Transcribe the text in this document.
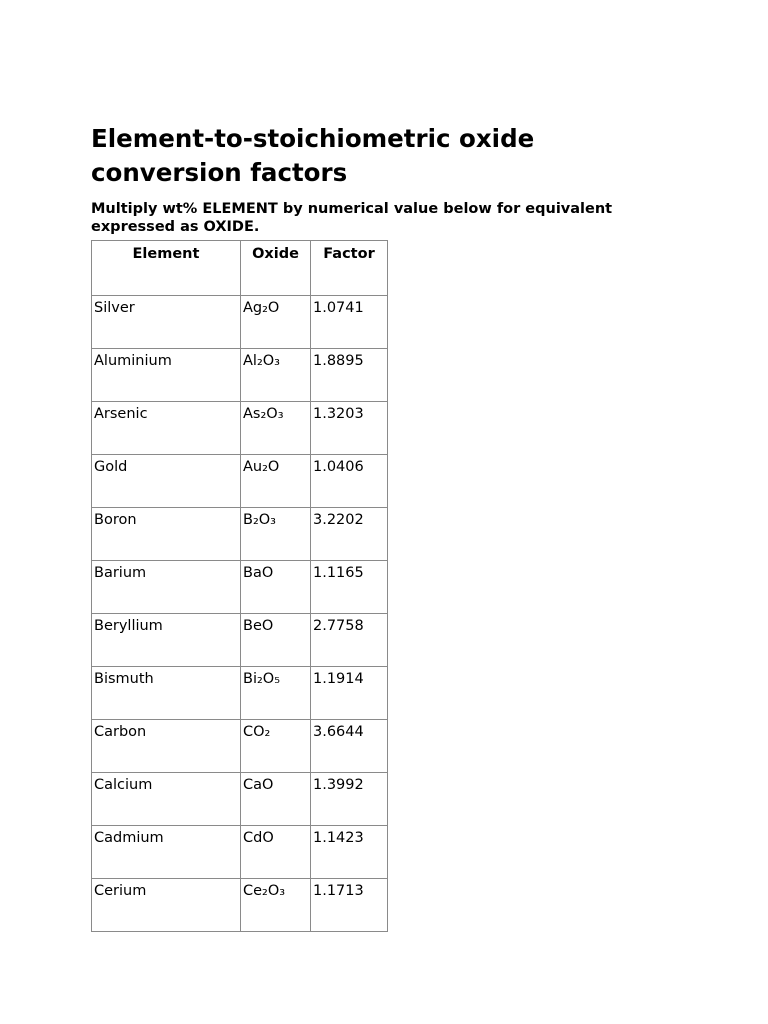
Element-to-stoichiometric oxide
conversion factors

Multiply wt% ELEMENT by numerical value below for equivalent expressed as OXIDE.

Element	Oxide	Factor
Silver	Ag₂O	1.0741
Aluminium	Al₂O₃	1.8895
Arsenic	As₂O₃	1.3203
Gold	Au₂O	1.0406
Boron	B₂O₃	3.2202
Barium	BaO	1.1165
Beryllium	BeO	2.7758
Bismuth	Bi₂O₅	1.1914
Carbon	CO₂	3.6644
Calcium	CaO	1.3992
Cadmium	CdO	1.1423
Cerium	Ce₂O₃	1.1713
